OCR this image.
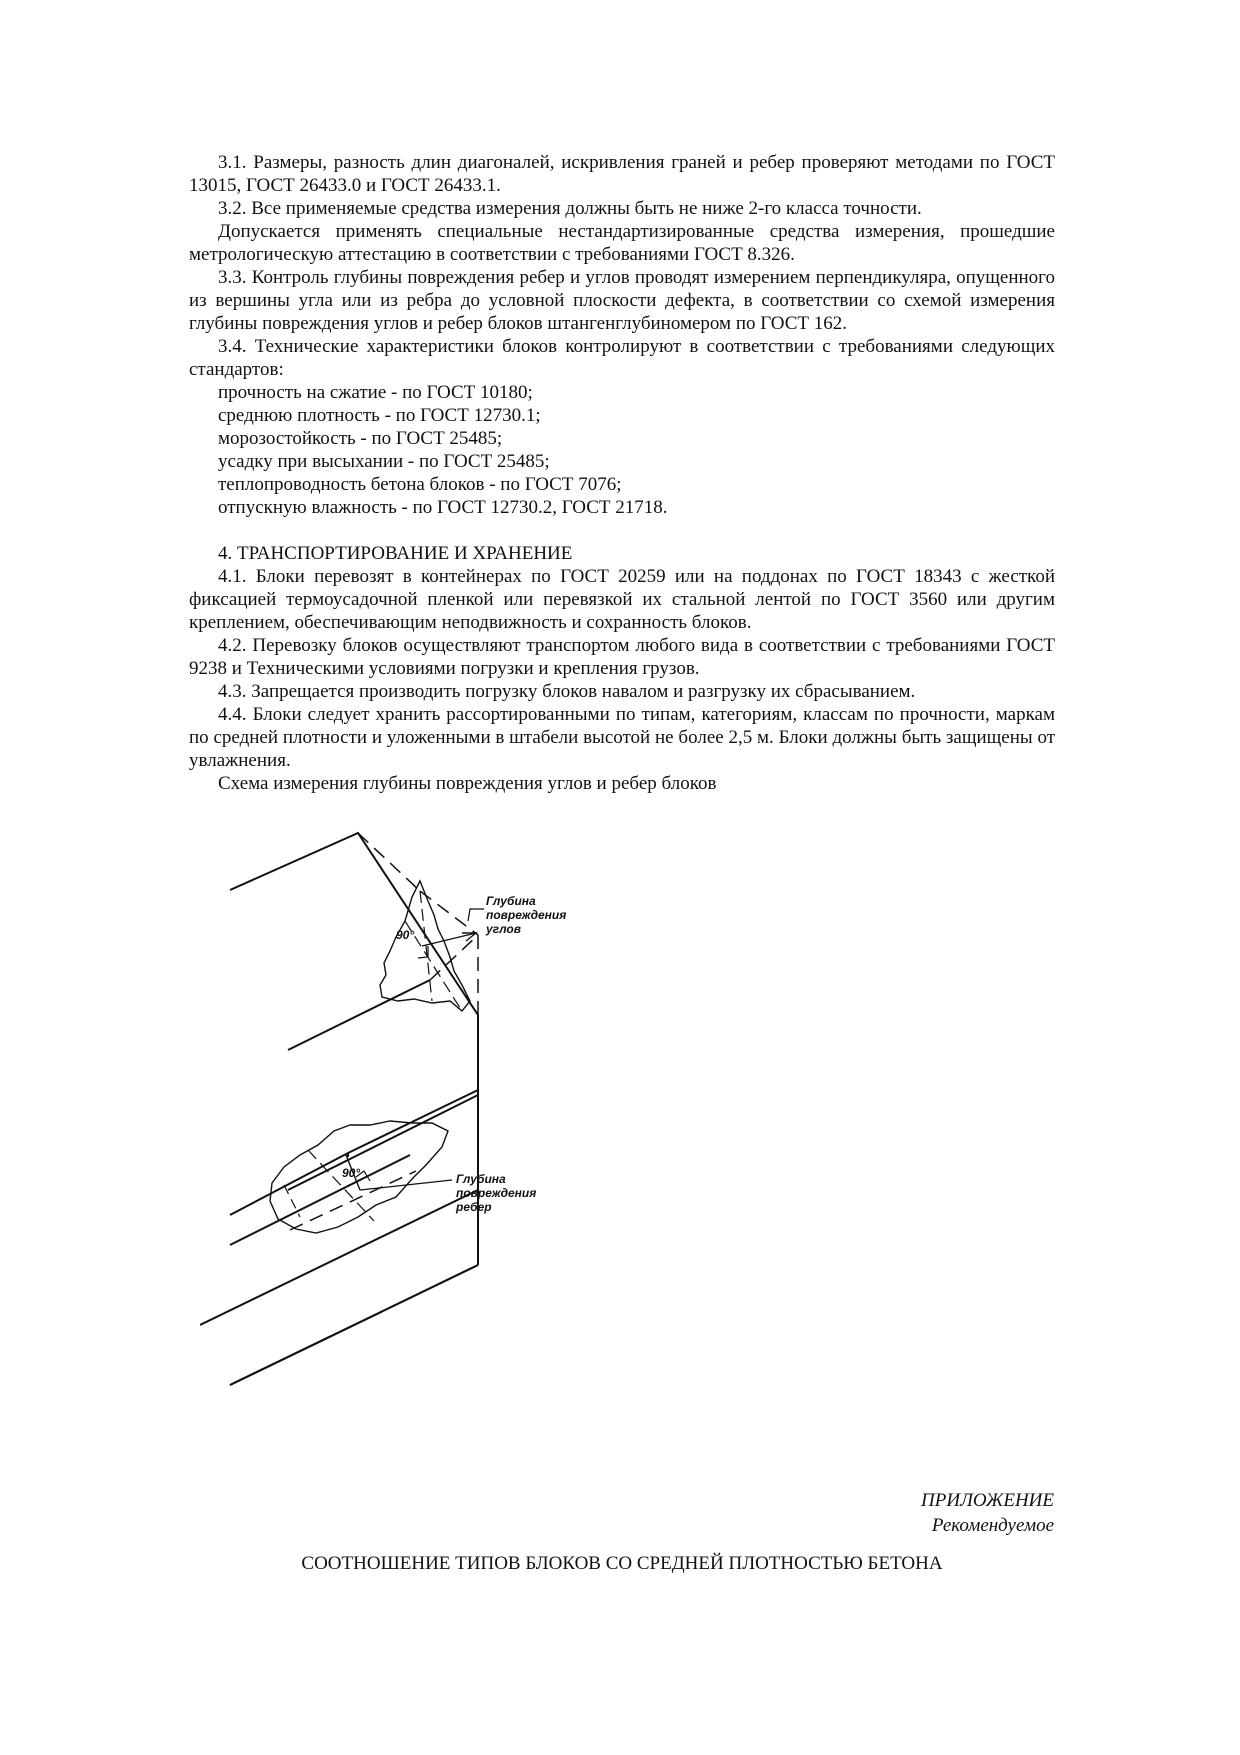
3.1. Размеры, разность длин диагоналей, искривления граней и ребер проверяют методами по ГОСТ 13015, ГОСТ 26433.0 и ГОСТ 26433.1.

3.2. Все применяемые средства измерения должны быть не ниже 2-го класса точности.

Допускается применять специальные нестандартизированные средства измерения, прошедшие метрологическую аттестацию в соответствии с требованиями ГОСТ 8.326.

3.3. Контроль глубины повреждения ребер и углов проводят измерением перпендикуляра, опущенного из вершины угла или из ребра до условной плоскости дефекта, в соответствии со схемой измерения глубины повреждения углов и ребер блоков штангенглубиномером по ГОСТ 162.

3.4. Технические характеристики блоков контролируют в соответствии с требованиями следующих стандартов:

прочность на сжатие - по ГОСТ 10180;

среднюю плотность - по ГОСТ 12730.1;

морозостойкость - по ГОСТ 25485;

усадку при высыхании - по ГОСТ 25485;

теплопроводность бетона блоков - по ГОСТ 7076;

отпускную влажность - по ГОСТ 12730.2, ГОСТ 21718.

4. ТРАНСПОРТИРОВАНИЕ И ХРАНЕНИЕ

4.1. Блоки перевозят в контейнерах по ГОСТ 20259 или на поддонах по ГОСТ 18343 с жесткой фиксацией термоусадочной пленкой или перевязкой их стальной лентой по ГОСТ 3560 или другим креплением, обеспечивающим неподвижность и сохранность блоков.

4.2. Перевозку блоков осуществляют транспортом любого вида в соответствии с требованиями ГОСТ 9238 и Техническими условиями погрузки и крепления грузов.

4.3. Запрещается производить погрузку блоков навалом и разгрузку их сбрасыванием.

4.4. Блоки следует хранить рассортированными по типам, категориям, классам по прочности, маркам по средней плотности и уложенными в штабели высотой не более 2,5 м. Блоки должны быть защищены от увлажнения.

Схема измерения глубины повреждения углов и ребер блоков

90°
Глубина
повреждения
углов
90°	Глубина
повреждения
ребер
ПРИЛОЖЕНИЕ
Рекомендуемое
СООТНОШЕНИЕ ТИПОВ БЛОКОВ СО СРЕДНЕЙ ПЛОТНОСТЬЮ БЕТОНА
